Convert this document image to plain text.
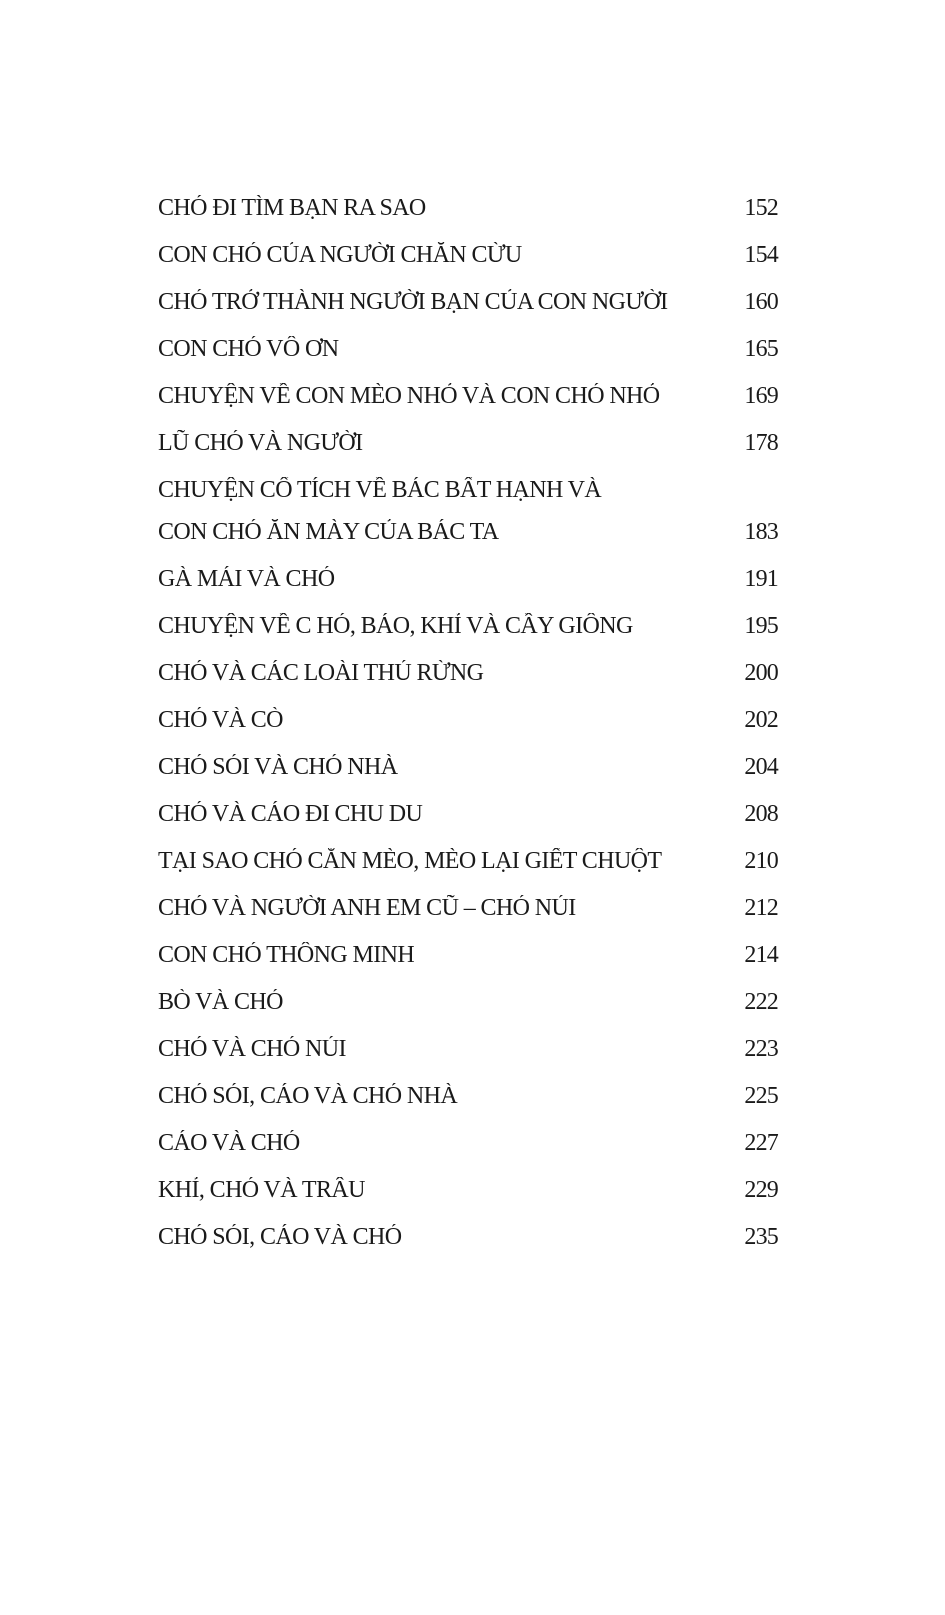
CHÓ ĐI TÌM BẠN RA SAO	152
CON CHÓ CỦA NGƯỜI CHĂN CỪU	154
CHÓ TRỞ THÀNH NGƯỜI BẠN CỦA CON NGƯỜI	160
CON CHÓ VÔ ƠN	165
CHUYỆN VỀ CON MÈO NHỎ VÀ CON CHÓ NHỎ	169
LŨ CHÓ VÀ NGƯỜI	178
CHUYỆN CỔ TÍCH VỀ BÁC BẤT HẠNH VÀ
CON CHÓ ĂN MÀY CỦA BÁC TA	183
GÀ MÁI VÀ CHÓ	191
CHUYỆN VỀ C HÓ, BÁO, KHỈ VÀ CẦY GIÔNG	195
CHÓ VÀ CÁC LOÀI THÚ RỪNG	200
CHÓ VÀ CÒ	202
CHÓ SÓI VÀ CHÓ NHÀ	204
CHÓ VÀ CÁO ĐI CHU DU	208
TẠI SAO CHÓ CẮN MÈO, MÈO LẠI GIẾT CHUỘT	210
CHÓ VÀ NGƯỜI ANH EM CŨ – CHÓ NÚI	212
CON CHÓ THÔNG MINH	214
BÒ VÀ CHÓ	222
CHÓ VÀ CHÓ NÚI	223
CHÓ SÓI, CÁO VÀ CHÓ NHÀ	225
CÁO VÀ CHÓ	227
KHỈ, CHÓ VÀ TRÂU	229
CHÓ SÓI, CÁO VÀ CHÓ	235
